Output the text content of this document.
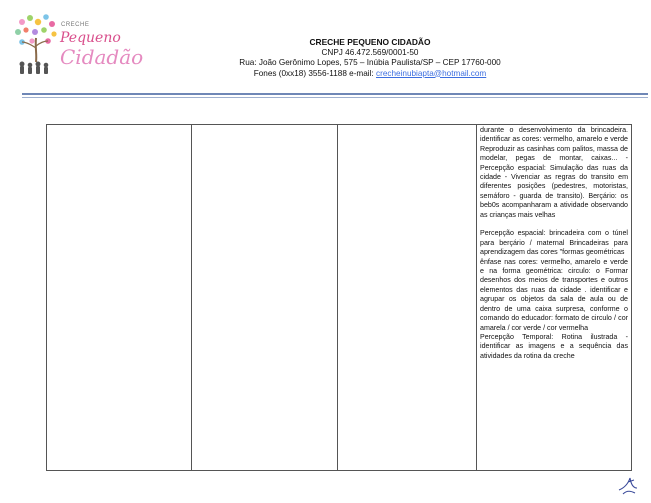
CRECHE
Pequeno
Cidadão
CRECHE PEQUENO CIDADÃO
CNPJ 46.472.569/0001-50
Rua: João Gerônimo Lopes, 575 – Inúbia Paulista/SP – CEP 17760-000
Fones (0xx18) 3556-1188 e-mail: crecheinubiapta@hotmail.com

durante o desenvolvimento da brincadeira. identificar as cores: vermelho, amarelo e verde Reproduzir as casinhas com palitos, massa de modelar, pegas de montar, caixas... - Percepção espacial: Simulação das ruas da cidade - Vivenciar as regras do transito em diferentes posições (pedestres, motoristas, semáforo - guarda de transito). Berçário: os beb0s acompanharam a atividade observando as crianças mais velhas

Percepção espacial: brincadeira com o túnel para berçário / maternal Brincadeiras para aprendizagem das cores "formas geométricas

ênfase nas cores: vermelho, amarelo e verde e na forma geométrica: circulo: o Formar desenhos dos meios de transportes e outros elementos das ruas da cidade . identificar e agrupar os objetos da sala de aula ou de dentro de uma caixa surpresa, conforme o comando do educador: formato de circulo / cor amarela / cor verde / cor vermelha

Percepção Temporal: Rotina ilustrada - identificar as imagens e a sequência das atividades da rotina da creche
